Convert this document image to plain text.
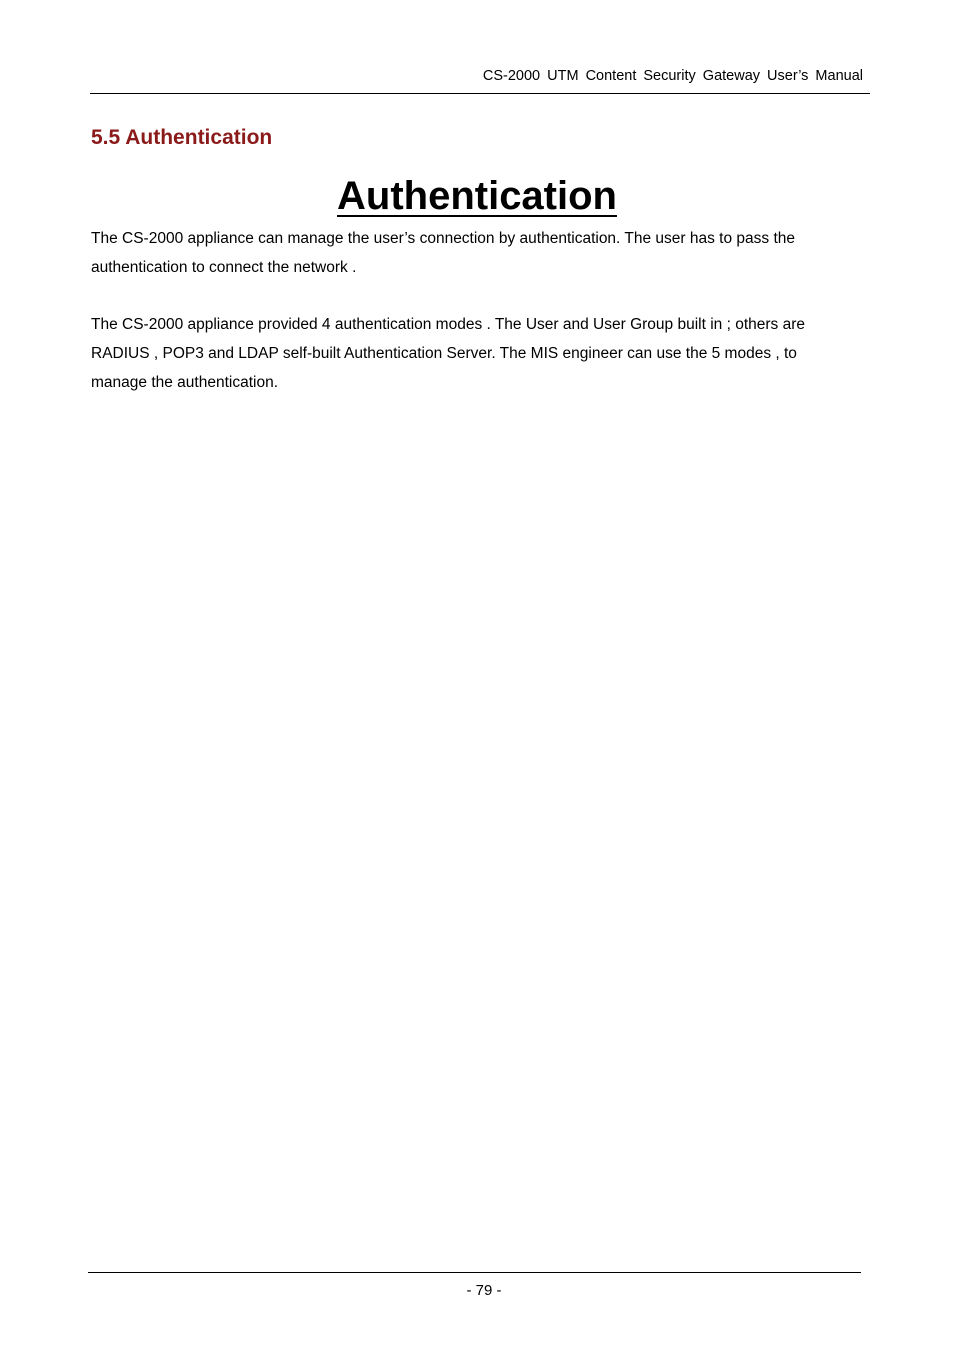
CS-2000 UTM Content Security Gateway User’s Manual
5.5 Authentication
Authentication

The CS-2000 appliance can manage the user’s connection by authentication. The user has to pass the authentication to connect the network .

The CS-2000 appliance provided 4 authentication modes . The User and User Group built in ; others are RADIUS , POP3 and LDAP self-built Authentication Server. The MIS engineer can use the 5 modes , to manage the authentication.

- 79 -
